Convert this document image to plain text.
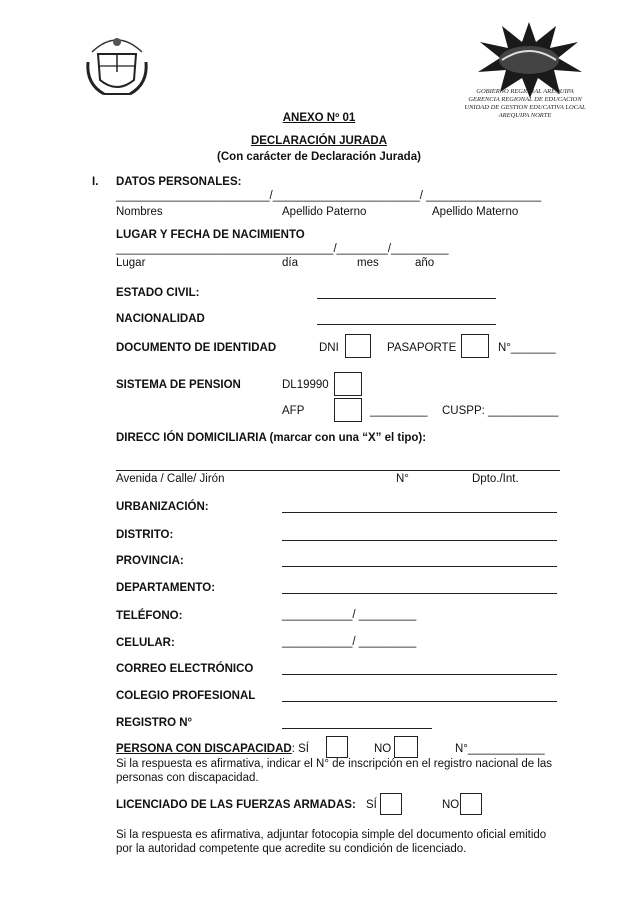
GOBIERNO REGIONAL AREQUIPA
GERENCIA REGIONAL DE EDUCACION
UNIDAD DE GESTION EDUCATIVA LOCAL
AREQUIPA NORTE
ANEXO Nº 01
DECLARACIÓN JURADA
(Con carácter de Declaración Jurada)
I. DATOS PERSONALES:
________________________/_______________________/ __________________
Nombres	Apellido Paterno	Apellido Materno
LUGAR Y FECHA DE NACIMIENTO
__________________________________/________/_________
Lugar	día	mes	año
ESTADO CIVIL:
NACIONALIDAD
DOCUMENTO DE IDENTIDAD	DNI	PASAPORTE	N°_______
SISTEMA DE PENSION	DL19990
AFP	_________ CUSPP: ___________
DIRECC IÓN DOMICILIARIA (marcar con una “X” el tipo):
Avenida / Calle/ Jirón	N°	Dpto./Int.
URBANIZACIÓN:
DISTRITO:
PROVINCIA:
DEPARTAMENTO:
TELÉFONO:	___________/ _________
CELULAR:	___________/ _________
CORREO ELECTRÓNICO
COLEGIO PROFESIONAL
REGISTRO N°
PERSONA CON DISCAPACIDAD: SÍ	NO	N°____________
Si la respuesta es afirmativa, indicar el N° de inscripción en el registro nacional de las personas con discapacidad.
LICENCIADO DE LAS FUERZAS ARMADAS: SÍ	NO
Si la respuesta es afirmativa, adjuntar fotocopia simple del documento oficial emitido por la autoridad competente que acredite su condición de licenciado.
